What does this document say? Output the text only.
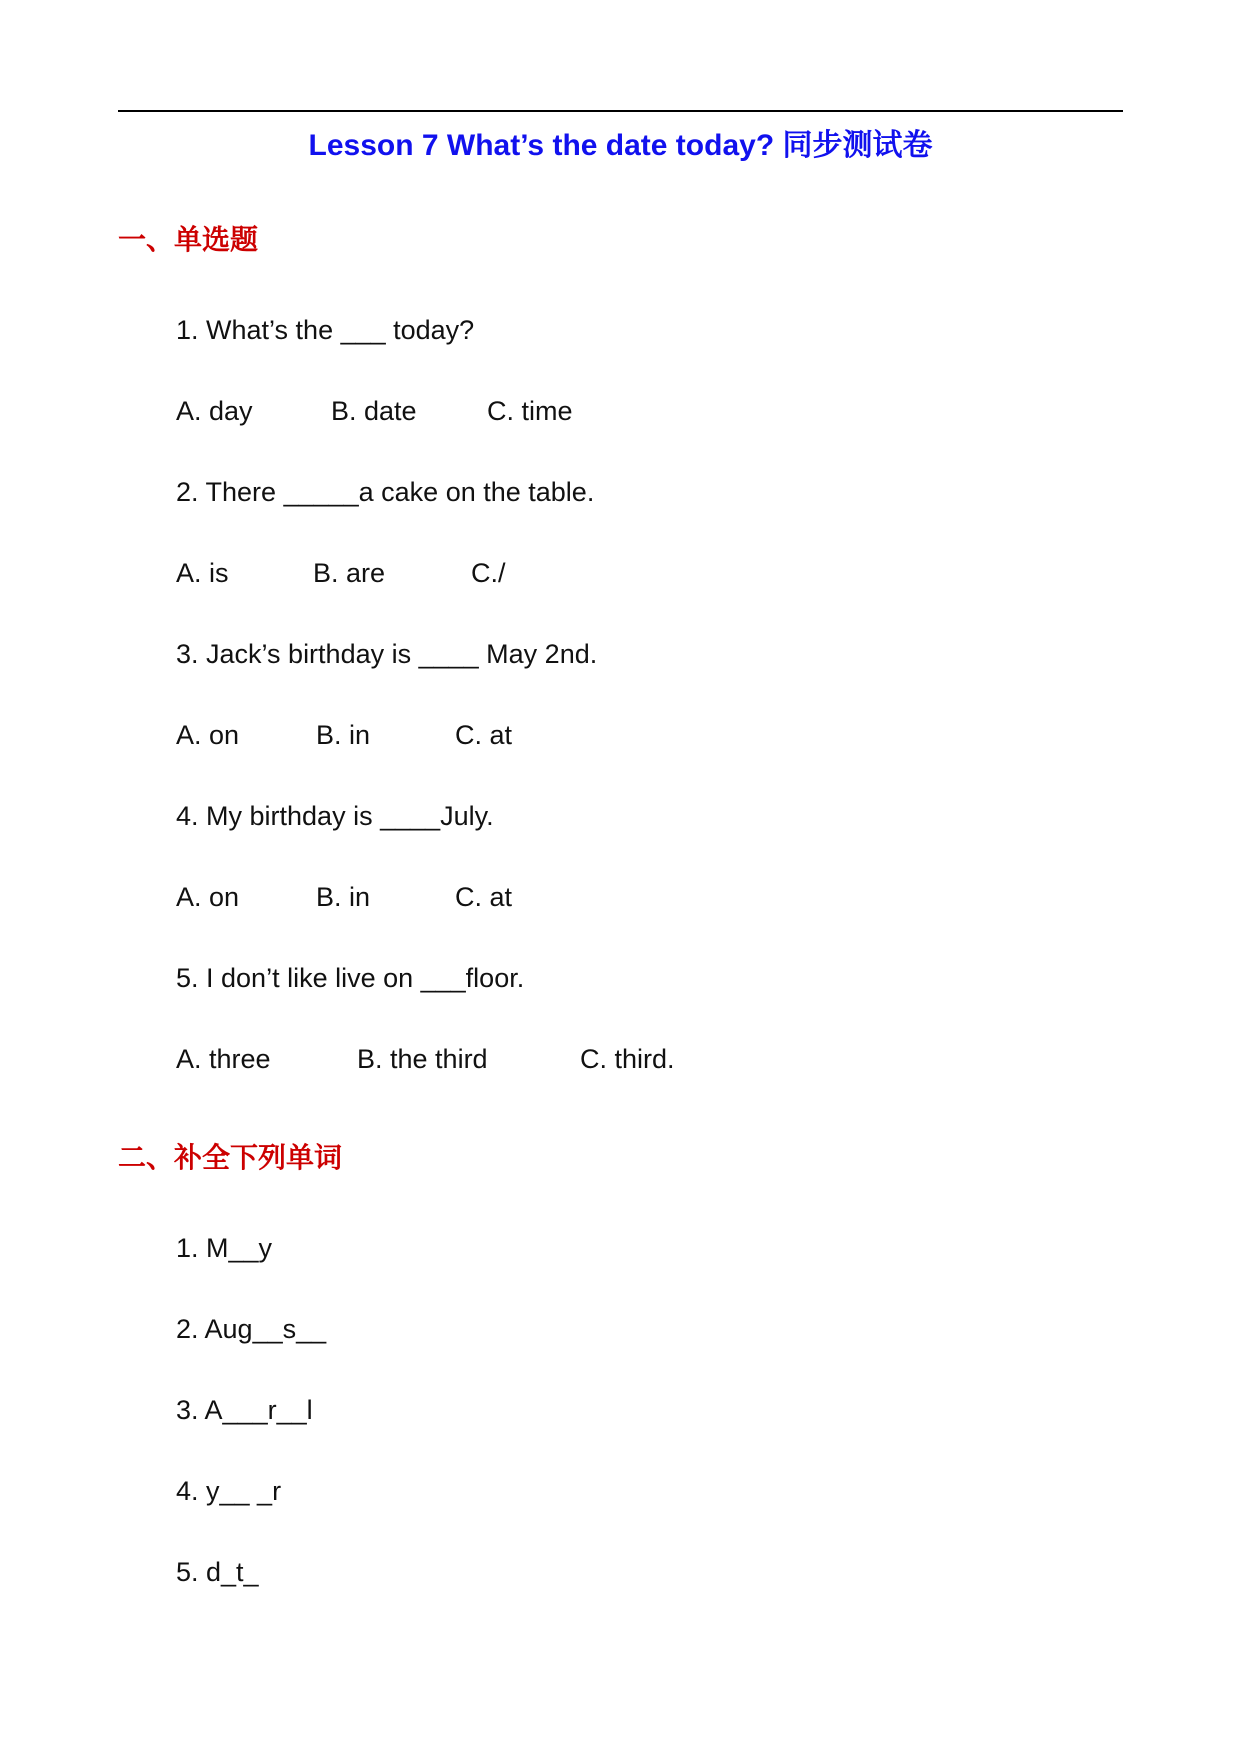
Lesson 7 What’s the date today? 同步测试卷
一、单选题
1. What’s the ___ today?
A. day	B. date	C. time
2. There _____a cake on the table.
A. is	B. are	C./
3. Jack’s birthday is ____ May 2nd.
A. on	B. in	C. at
4. My birthday is ____July.
A. on	B. in	C. at
5. I don’t like live on ___floor.
A. three	B. the third	C. third.
二、补全下列单词
1. M__y
2. Aug__s__
3. A___r__l
4. y__ _r
5. d_t_
